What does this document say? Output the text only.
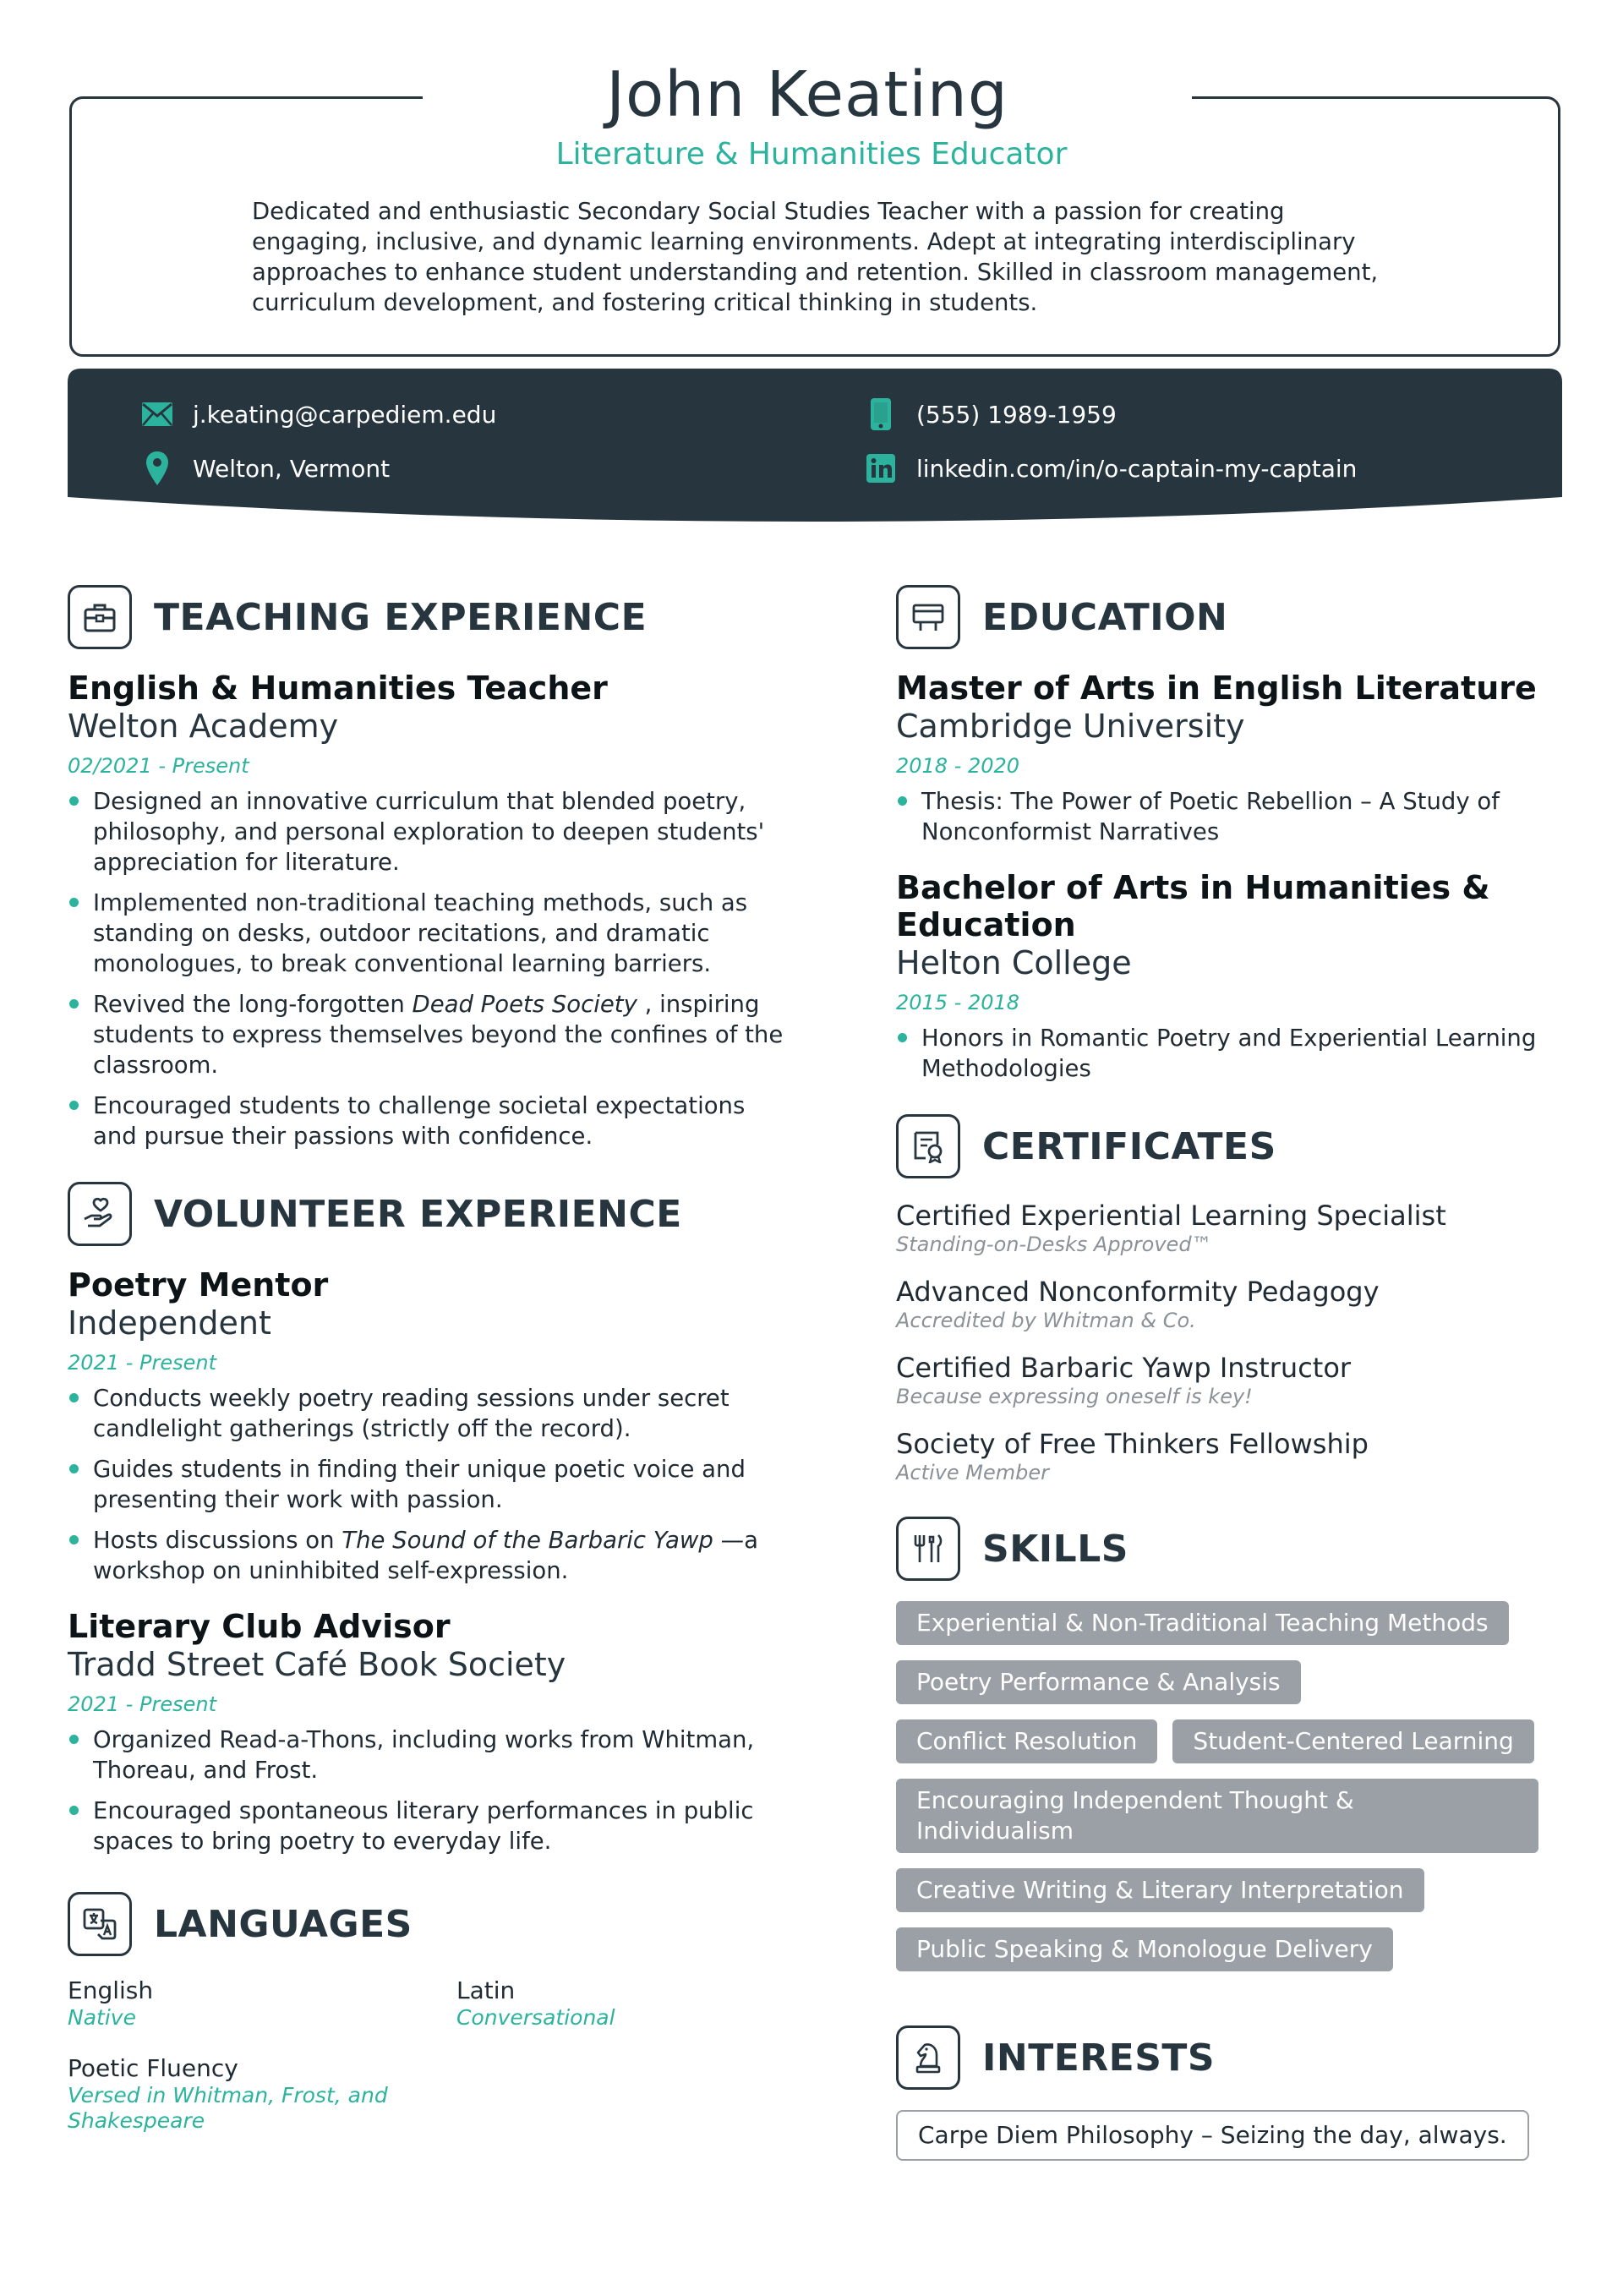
John Keating
Literature & Humanities Educator
Dedicated and enthusiastic Secondary Social Studies Teacher with a passion for creating engaging, inclusive, and dynamic learning environments. Adept at integrating interdisciplinary approaches to enhance student understanding and retention. Skilled in classroom management, curriculum development, and fostering critical thinking in students.
j.keating@carpediem.edu	(555) 1989-1959
Welton, Vermont	linkedin.com/in/o-captain-my-captain
TEACHING EXPERIENCE
English & Humanities Teacher
Welton Academy
02/2021 - Present
Designed an innovative curriculum that blended poetry, philosophy, and personal exploration to deepen students' appreciation for literature.
Implemented non-traditional teaching methods, such as standing on desks, outdoor recitations, and dramatic monologues, to break conventional learning barriers.
Revived the long-forgotten Dead Poets Society , inspiring students to express themselves beyond the confines of the classroom.
Encouraged students to challenge societal expectations and pursue their passions with confidence.
VOLUNTEER EXPERIENCE
Poetry Mentor
Independent
2021 - Present
Conducts weekly poetry reading sessions under secret candlelight gatherings (strictly off the record).
Guides students in finding their unique poetic voice and presenting their work with passion.
Hosts discussions on The Sound of the Barbaric Yawp —a workshop on uninhibited self-expression.
Literary Club Advisor
Tradd Street Café Book Society
2021 - Present
Organized Read-a-Thons, including works from Whitman, Thoreau, and Frost.
Encouraged spontaneous literary performances in public spaces to bring poetry to everyday life.
LANGUAGES
English
Native
Latin
Conversational
Poetic Fluency
Versed in Whitman, Frost, and Shakespeare
EDUCATION
Master of Arts in English Literature
Cambridge University
2018 - 2020
Thesis: The Power of Poetic Rebellion – A Study of Nonconformist Narratives
Bachelor of Arts in Humanities & Education
Helton College
2015 - 2018
Honors in Romantic Poetry and Experiential Learning Methodologies
CERTIFICATES
Certified Experiential Learning Specialist
Standing-on-Desks Approved™
Advanced Nonconformity Pedagogy
Accredited by Whitman & Co.
Certified Barbaric Yawp Instructor
Because expressing oneself is key!
Society of Free Thinkers Fellowship
Active Member
SKILLS
Experiential & Non-Traditional Teaching Methods
Poetry Performance & Analysis
Conflict Resolution	Student-Centered Learning
Encouraging Independent Thought & Individualism
Creative Writing & Literary Interpretation
Public Speaking & Monologue Delivery
INTERESTS
Carpe Diem Philosophy – Seizing the day, always.
